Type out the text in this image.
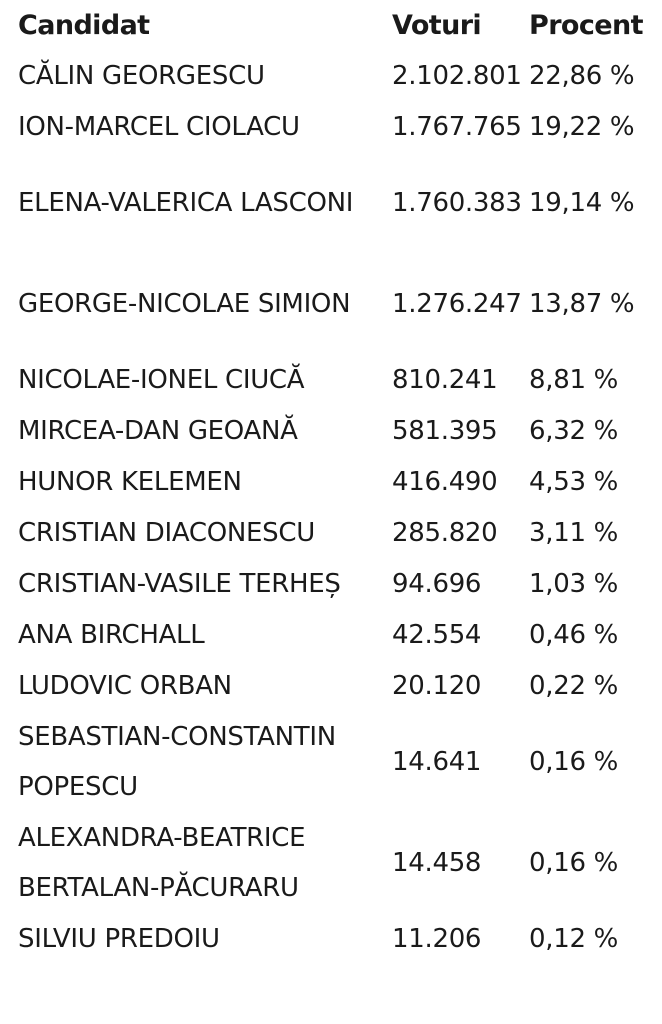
Candidat	Voturi	Procent
CĂLIN GEORGESCU	2.102.801	22,86 %
ION-MARCEL CIOLACU	1.767.765	19,22 %
ELENA-VALERICA LASCONI	1.760.383	19,14 %
GEORGE-NICOLAE SIMION	1.276.247	13,87 %
NICOLAE-IONEL CIUCĂ	810.241	8,81 %
MIRCEA-DAN GEOANĂ	581.395	6,32 %
HUNOR KELEMEN	416.490	4,53 %
CRISTIAN DIACONESCU	285.820	3,11 %
CRISTIAN-VASILE TERHEȘ	94.696	1,03 %
ANA BIRCHALL	42.554	0,46 %
LUDOVIC ORBAN	20.120	0,22 %
SEBASTIAN-CONSTANTIN POPESCU	14.641	0,16 %
ALEXANDRA-BEATRICE BERTALAN-PĂCURARU	14.458	0,16 %
SILVIU PREDOIU	11.206	0,12 %
